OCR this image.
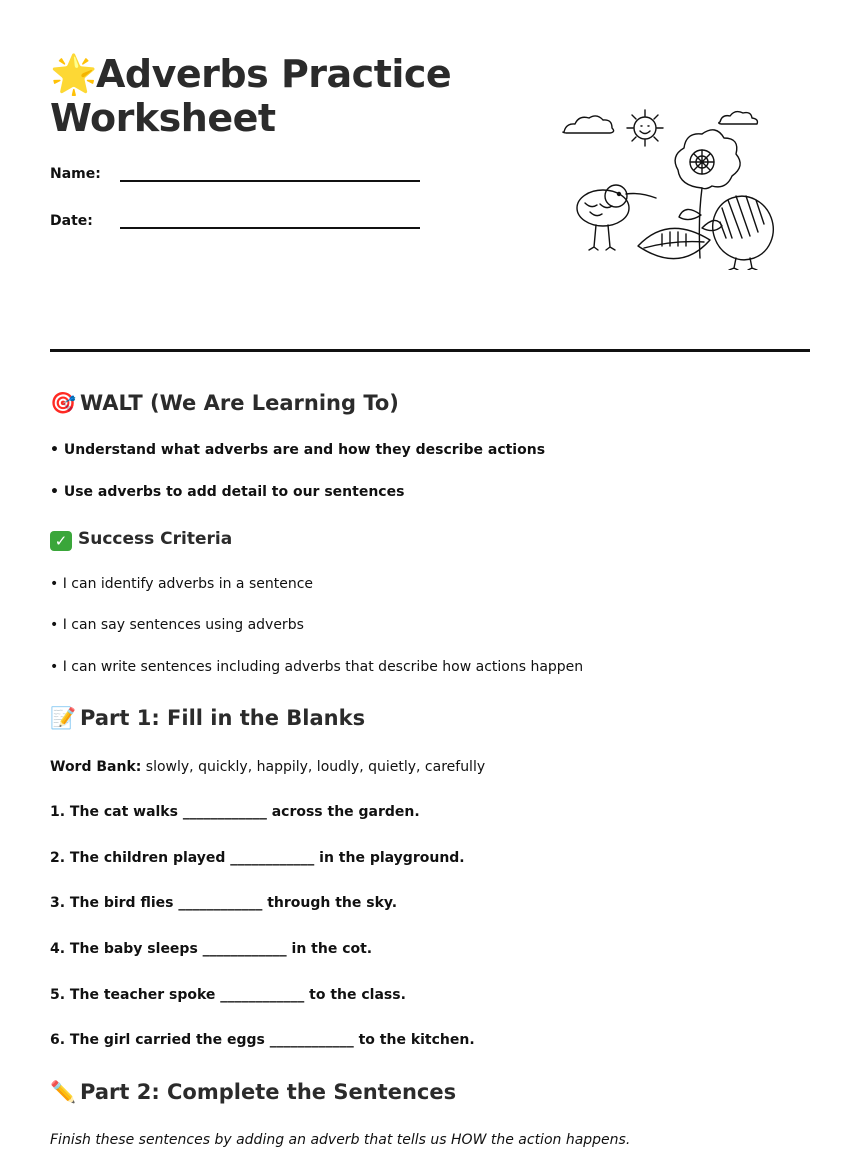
🌟Adverbs Practice
Worksheet
Name:
Date:
🎯 WALT (We Are Learning To)
• Understand what adverbs are and how they describe actions
• Use adverbs to add detail to our sentences
✓ Success Criteria
• I can identify adverbs in a sentence
• I can say sentences using adverbs
• I can write sentences including adverbs that describe how actions happen
📝 Part 1: Fill in the Blanks
Word Bank: slowly, quickly, happily, loudly, quietly, carefully
1. The cat walks ____________ across the garden.
2. The children played ____________ in the playground.
3. The bird flies ____________ through the sky.
4. The baby sleeps ____________ in the cot.
5. The teacher spoke ____________ to the class.
6. The girl carried the eggs ____________ to the kitchen.
✏️ Part 2: Complete the Sentences
Finish these sentences by adding an adverb that tells us HOW the action happens.
